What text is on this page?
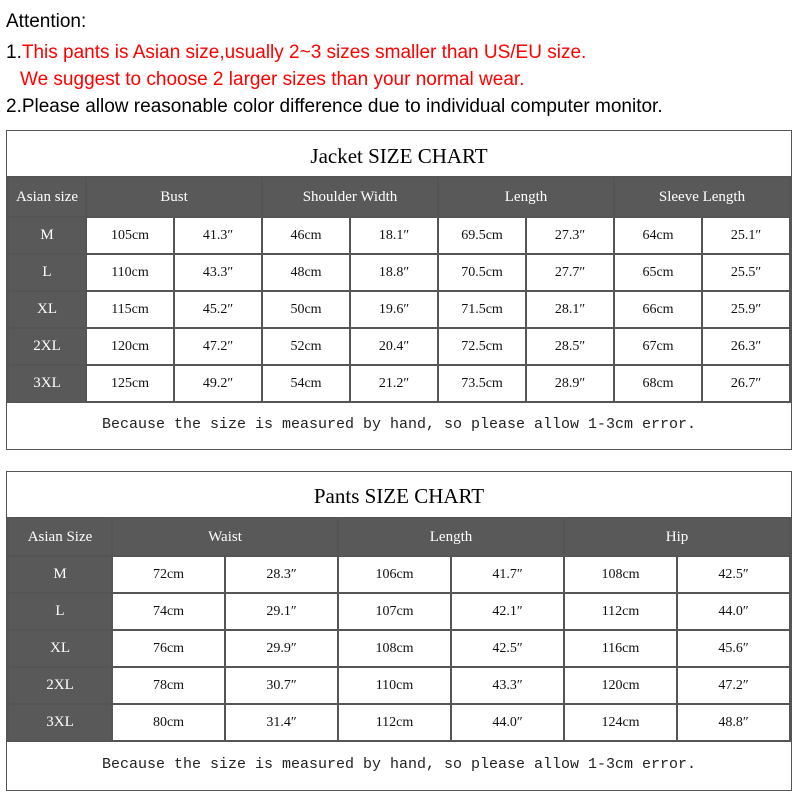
Attention:
1.This pants is Asian size,usually 2~3 sizes smaller than US/EU size.
We suggest to choose 2 larger sizes than your normal wear.
2.Please allow reasonable color difference due to individual computer monitor.
Jacket SIZE CHART
Asian size	Bust		Shoulder Width		Length		Sleeve Length	
M	105cm	41.3″	46cm	18.1″	69.5cm	27.3″	64cm	25.1″
L	110cm	43.3″	48cm	18.8″	70.5cm	27.7″	65cm	25.5″
XL	115cm	45.2″	50cm	19.6″	71.5cm	28.1″	66cm	25.9″
2XL	120cm	47.2″	52cm	20.4″	72.5cm	28.5″	67cm	26.3″
3XL	125cm	49.2″	54cm	21.2″	73.5cm	28.9″	68cm	26.7″
Because the size is measured by hand, so please allow 1-3cm error.
Pants SIZE CHART
Asian Size	Waist		Length		Hip	
M	72cm	28.3″	106cm	41.7″	108cm	42.5″
L	74cm	29.1″	107cm	42.1″	112cm	44.0″
XL	76cm	29.9″	108cm	42.5″	116cm	45.6″
2XL	78cm	30.7″	110cm	43.3″	120cm	47.2″
3XL	80cm	31.4″	112cm	44.0″	124cm	48.8″
Because the size is measured by hand, so please allow 1-3cm error.
